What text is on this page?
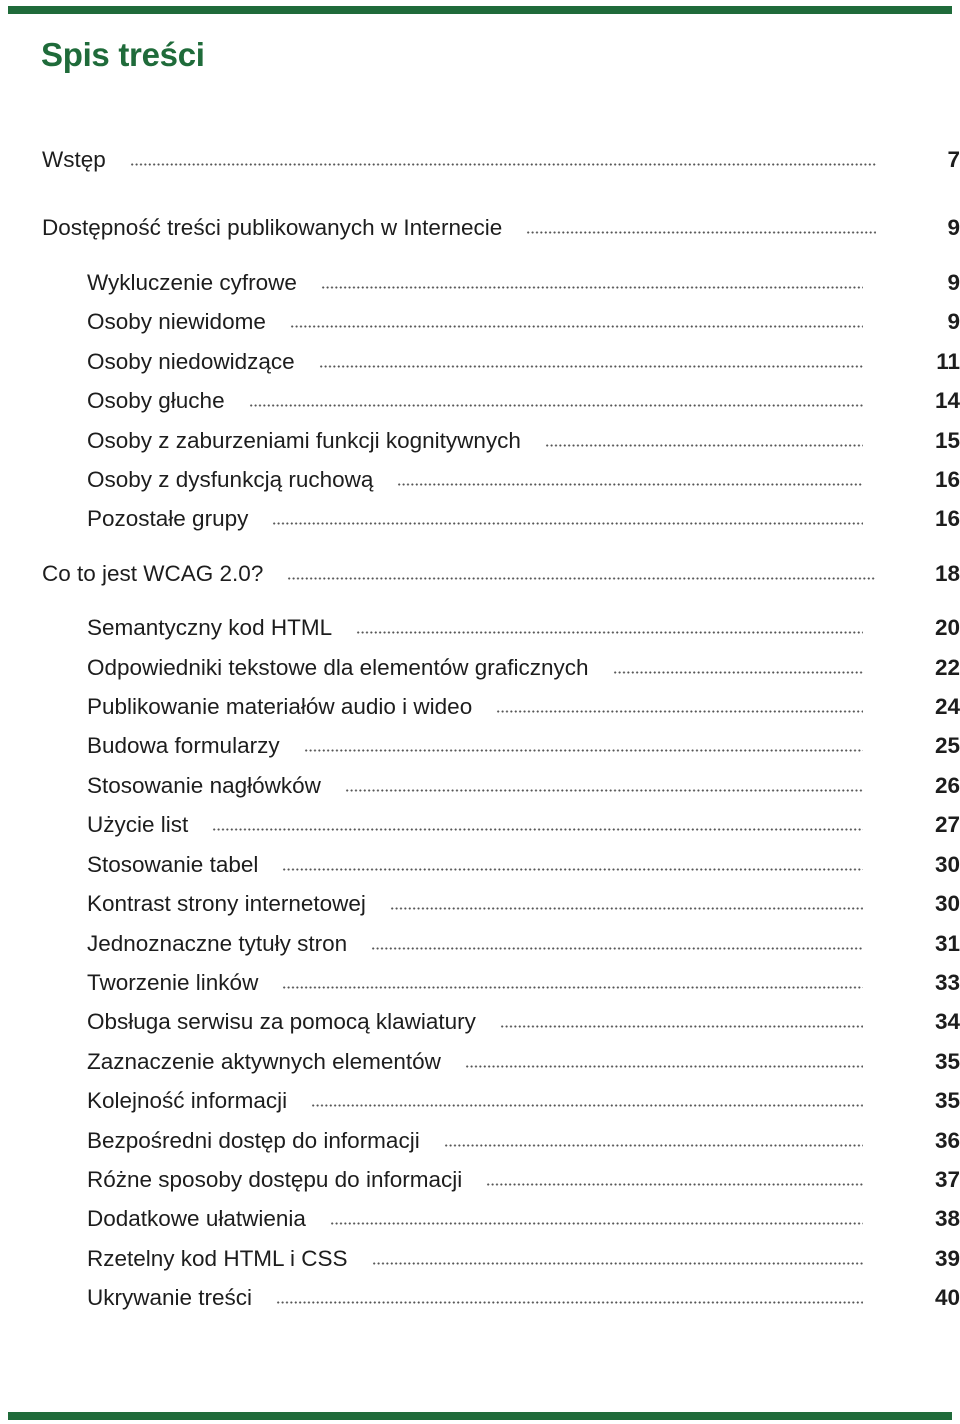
Spis treści
Wstęp	7
Dostępność treści publikowanych w Internecie	9
Wykluczenie cyfrowe	9
Osoby niewidome	9
Osoby niedowidzące	11
Osoby głuche	14
Osoby z zaburzeniami funkcji kognitywnych	15
Osoby z dysfunkcją ruchową	16
Pozostałe grupy	16
Co to jest WCAG 2.0?	18
Semantyczny kod HTML	20
Odpowiedniki tekstowe dla elementów graficznych	22
Publikowanie materiałów audio i wideo	24
Budowa formularzy	25
Stosowanie nagłówków	26
Użycie list	27
Stosowanie tabel	30
Kontrast strony internetowej	30
Jednoznaczne tytuły stron	31
Tworzenie linków	33
Obsługa serwisu za pomocą klawiatury	34
Zaznaczenie aktywnych elementów	35
Kolejność informacji	35
Bezpośredni dostęp do informacji	36
Różne sposoby dostępu do informacji	37
Dodatkowe ułatwienia	38
Rzetelny kod HTML i CSS	39
Ukrywanie treści	40
